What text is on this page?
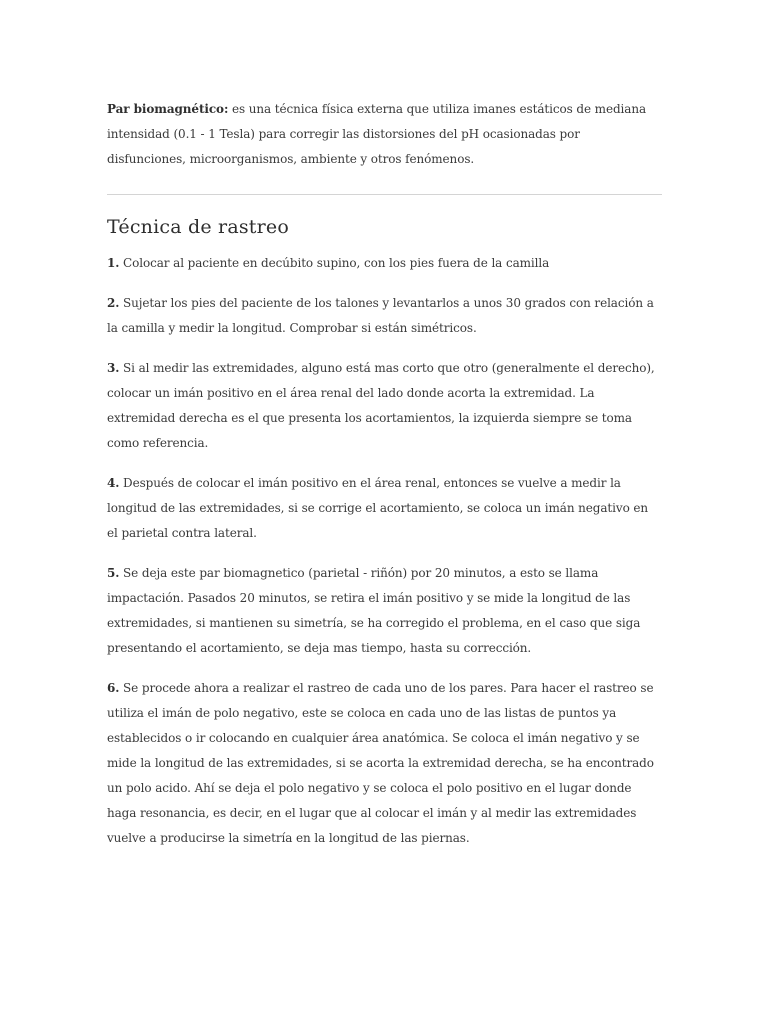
Par biomagnético: es una técnica física externa que utiliza imanes estáticos de mediana intensidad (0.1 - 1 Tesla) para corregir las distorsiones del pH ocasionadas por disfunciones, microorganismos, ambiente y otros fenómenos.

Técnica de rastreo

1. Colocar al paciente en decúbito supino, con los pies fuera de la camilla

2. Sujetar los pies del paciente de los talones y levantarlos a unos 30 grados con relación a la camilla y medir la longitud. Comprobar si están simétricos.

3. Si al medir las extremidades, alguno está mas corto que otro (generalmente el derecho), colocar un imán positivo en el área renal del lado donde acorta la extremidad. La extremidad derecha es el que presenta los acortamientos, la izquierda siempre se toma como referencia.

4. Después de colocar el imán positivo en el área renal, entonces se vuelve a medir la longitud de las extremidades, si se corrige el acortamiento, se coloca un imán negativo en el parietal contra lateral.

5. Se deja este par biomagnetico (parietal - riñón) por 20 minutos, a esto se llama impactación. Pasados 20 minutos, se retira el imán positivo y se mide la longitud de las extremidades, si mantienen su simetría, se ha corregido el problema, en el caso que siga presentando el acortamiento, se deja mas tiempo, hasta su corrección.

6. Se procede ahora a realizar el rastreo de cada uno de los pares. Para hacer el rastreo se utiliza el imán de polo negativo, este se coloca en cada uno de las listas de puntos ya establecidos o ir colocando en cualquier área anatómica. Se coloca el imán negativo y se mide la longitud de las extremidades, si se acorta la extremidad derecha, se ha encontrado un polo acido. Ahí se deja el polo negativo y se coloca el polo positivo en el lugar donde haga resonancia, es decir, en el lugar que al colocar el imán y al medir las extremidades vuelve a producirse la simetría en la longitud de las piernas.
